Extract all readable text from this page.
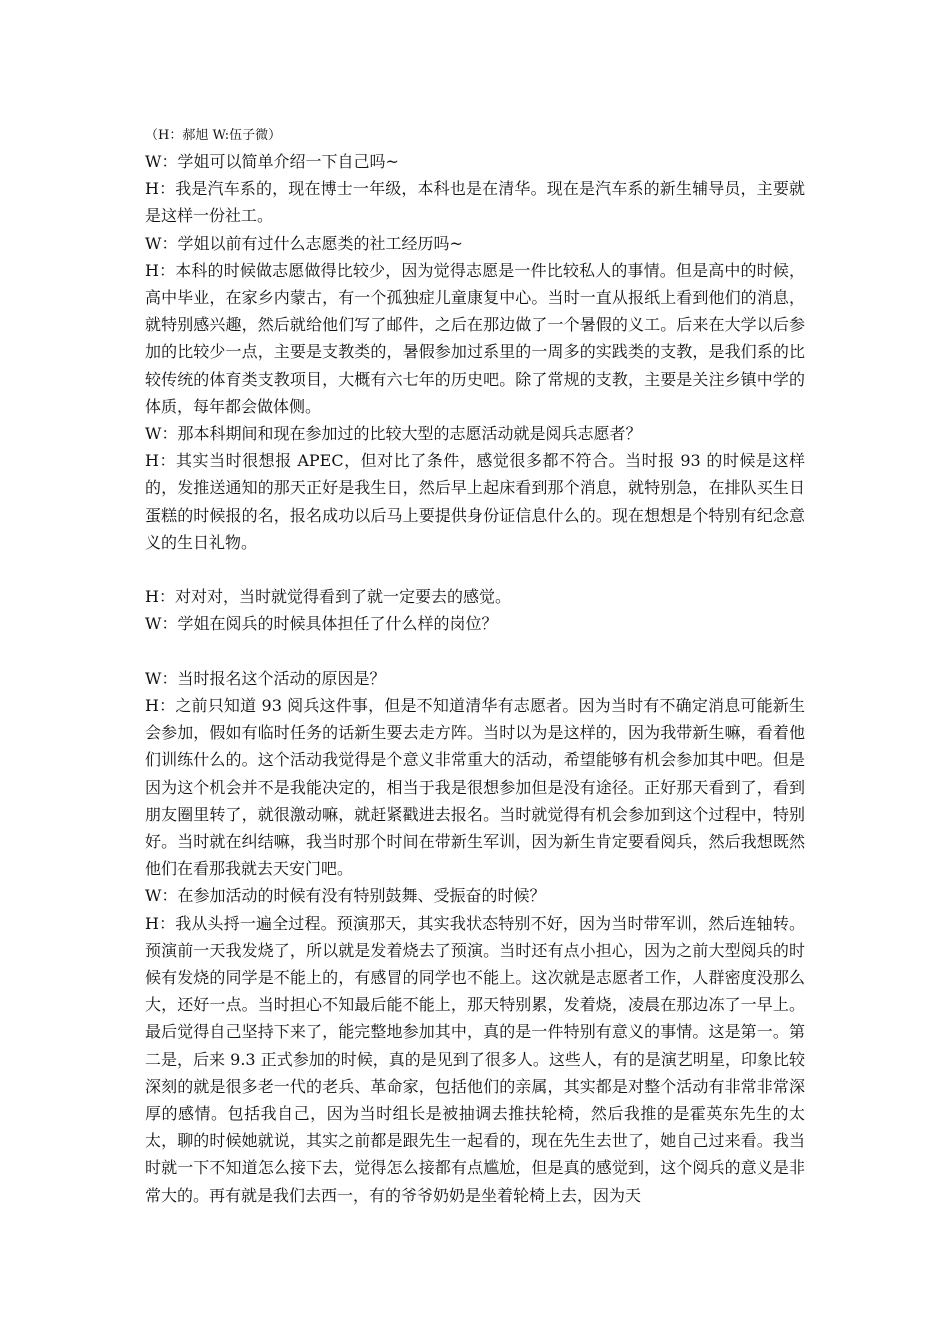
（H：郝旭 W:伍子微）

W：学姐可以简单介绍一下自己吗~

H：我是汽车系的，现在博士一年级，本科也是在清华。现在是汽车系的新生辅导员，主要就是这样一份社工。

W：学姐以前有过什么志愿类的社工经历吗~

H：本科的时候做志愿做得比较少，因为觉得志愿是一件比较私人的事情。但是高中的时候，高中毕业，在家乡内蒙古，有一个孤独症儿童康复中心。当时一直从报纸上看到他们的消息，就特别感兴趣，然后就给他们写了邮件，之后在那边做了一个暑假的义工。后来在大学以后参加的比较少一点，主要是支教类的，暑假参加过系里的一周多的实践类的支教，是我们系的比较传统的体育类支教项目，大概有六七年的历史吧。除了常规的支教，主要是关注乡镇中学的体质，每年都会做体侧。

W：那本科期间和现在参加过的比较大型的志愿活动就是阅兵志愿者？

H：其实当时很想报 APEC，但对比了条件，感觉很多都不符合。当时报 93 的时候是这样的，发推送通知的那天正好是我生日，然后早上起床看到那个消息，就特别急，在排队买生日蛋糕的时候报的名，报名成功以后马上要提供身份证信息什么的。现在想想是个特别有纪念意义的生日礼物。

H：对对对，当时就觉得看到了就一定要去的感觉。

W：学姐在阅兵的时候具体担任了什么样的岗位？

W：当时报名这个活动的原因是？

H：之前只知道 93 阅兵这件事，但是不知道清华有志愿者。因为当时有不确定消息可能新生会参加，假如有临时任务的话新生要去走方阵。当时以为是这样的，因为我带新生嘛，看着他们训练什么的。这个活动我觉得是个意义非常重大的活动，希望能够有机会参加其中吧。但是因为这个机会并不是我能决定的，相当于我是很想参加但是没有途径。正好那天看到了，看到朋友圈里转了，就很激动嘛，就赶紧戳进去报名。当时就觉得有机会参加到这个过程中，特别好。当时就在纠结嘛，我当时那个时间在带新生军训，因为新生肯定要看阅兵，然后我想既然他们在看那我就去天安门吧。

W：在参加活动的时候有没有特别鼓舞、受振奋的时候？

H：我从头捋一遍全过程。预演那天，其实我状态特别不好，因为当时带军训，然后连轴转。预演前一天我发烧了，所以就是发着烧去了预演。当时还有点小担心，因为之前大型阅兵的时候有发烧的同学是不能上的，有感冒的同学也不能上。这次就是志愿者工作，人群密度没那么大，还好一点。当时担心不知最后能不能上，那天特别累，发着烧，凌晨在那边冻了一早上。最后觉得自己坚持下来了，能完整地参加其中，真的是一件特别有意义的事情。这是第一。第二是，后来 9.3 正式参加的时候，真的是见到了很多人。这些人，有的是演艺明星，印象比较深刻的就是很多老一代的老兵、革命家，包括他们的亲属，其实都是对整个活动有非常非常深厚的感情。包括我自己，因为当时组长是被抽调去推扶轮椅，然后我推的是霍英东先生的太太，聊的时候她就说，其实之前都是跟先生一起看的，现在先生去世了，她自己过来看。我当时就一下不知道怎么接下去，觉得怎么接都有点尴尬，但是真的感觉到，这个阅兵的意义是非常大的。再有就是我们去西一，有的爷爷奶奶是坐着轮椅上去，因为天
